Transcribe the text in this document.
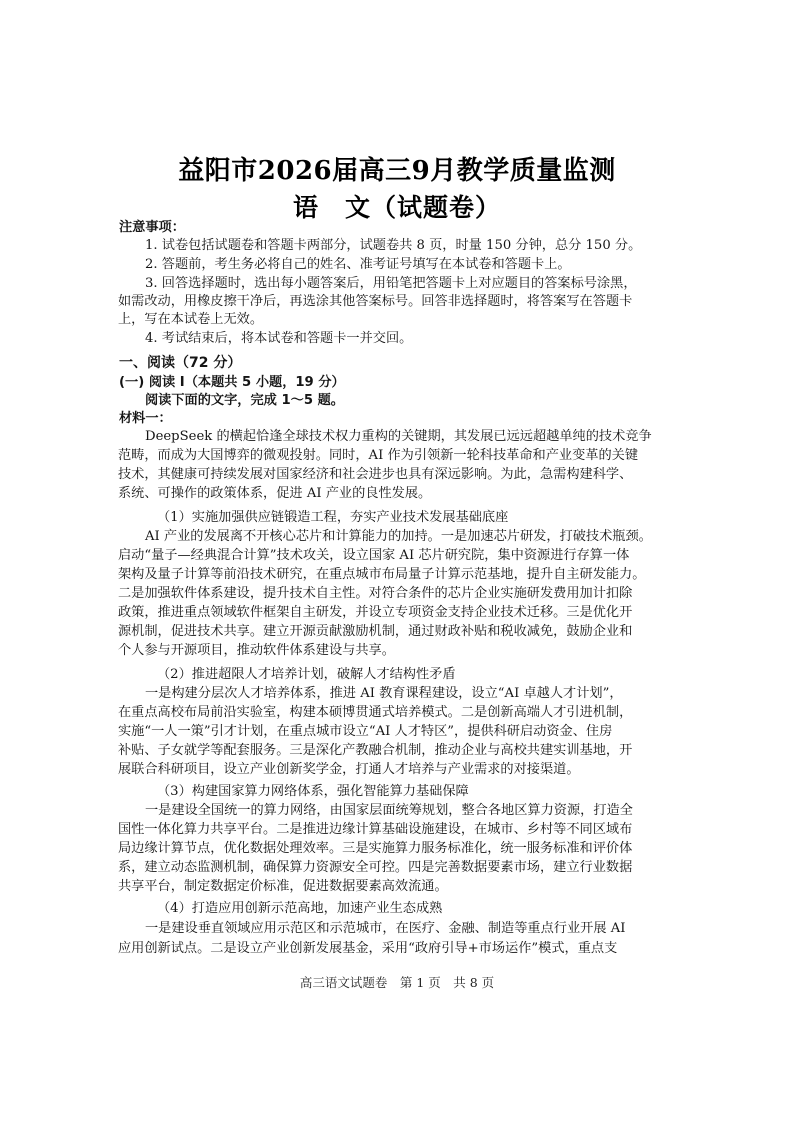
益阳市2026届高三9月教学质量监测
语　文（试题卷）
注意事项：
1. 试卷包括试题卷和答题卡两部分，试题卷共 8 页，时量 150 分钟，总分 150 分。
2. 答题前，考生务必将自己的姓名、准考证号填写在本试卷和答题卡上。
3. 回答选择题时，选出每小题答案后，用铅笔把答题卡上对应题目的答案标号涂黑，
如需改动，用橡皮擦干净后，再选涂其他答案标号。回答非选择题时，将答案写在答题卡
上，写在本试卷上无效。
4. 考试结束后，将本试卷和答题卡一并交回。
一、阅读（72 分）
(一) 阅读 I（本题共 5 小题，19 分）
阅读下面的文字，完成 1～5 题。
材料一：
DeepSeek 的横起恰逢全球技术权力重构的关键期，其发展已远远超越单纯的技术竞争
范畴，而成为大国博弈的微观投射。同时，AI 作为引领新一轮科技革命和产业变革的关键
技术，其健康可持续发展对国家经济和社会进步也具有深远影响。为此，急需构建科学、
系统、可操作的政策体系，促进 AI 产业的良性发展。
（1）实施加强供应链锻造工程，夯实产业技术发展基础底座
AI 产业的发展离不开核心芯片和计算能力的加持。一是加速芯片研发，打破技术瓶颈。
启动“量子—经典混合计算”技术攻关，设立国家 AI 芯片研究院，集中资源进行存算一体
架构及量子计算等前沿技术研究，在重点城市布局量子计算示范基地，提升自主研发能力。
二是加强软件体系建设，提升技术自主性。对符合条件的芯片企业实施研发费用加计扣除
政策，推进重点领域软件框架自主研发，并设立专项资金支持企业技术迁移。三是优化开
源机制，促进技术共享。建立开源贡献激励机制，通过财政补贴和税收减免，鼓励企业和
个人参与开源项目，推动软件体系建设与共享。
（2）推进超限人才培养计划，破解人才结构性矛盾
一是构建分层次人才培养体系，推进 AI 教育课程建设，设立“AI 卓越人才计划”，
在重点高校布局前沿实验室，构建本硕博贯通式培养模式。二是创新高端人才引进机制，
实施“一人一策”引才计划，在重点城市设立“AI 人才特区”，提供科研启动资金、住房
补贴、子女就学等配套服务。三是深化产教融合机制，推动企业与高校共建实训基地，开
展联合科研项目，设立产业创新奖学金，打通人才培养与产业需求的对接渠道。
（3）构建国家算力网络体系，强化智能算力基础保障
一是建设全国统一的算力网络，由国家层面统筹规划，整合各地区算力资源，打造全
国性一体化算力共享平台。二是推进边缘计算基础设施建设，在城市、乡村等不同区域布
局边缘计算节点，优化数据处理效率。三是实施算力服务标准化，统一服务标准和评价体
系，建立动态监测机制，确保算力资源安全可控。四是完善数据要素市场，建立行业数据
共享平台，制定数据定价标准，促进数据要素高效流通。
（4）打造应用创新示范高地，加速产业生态成熟
一是建设垂直领域应用示范区和示范城市，在医疗、金融、制造等重点行业开展 AI
应用创新试点。二是设立产业创新发展基金，采用“政府引导+市场运作”模式，重点支
高三语文试题卷　第 1 页　共 8 页
